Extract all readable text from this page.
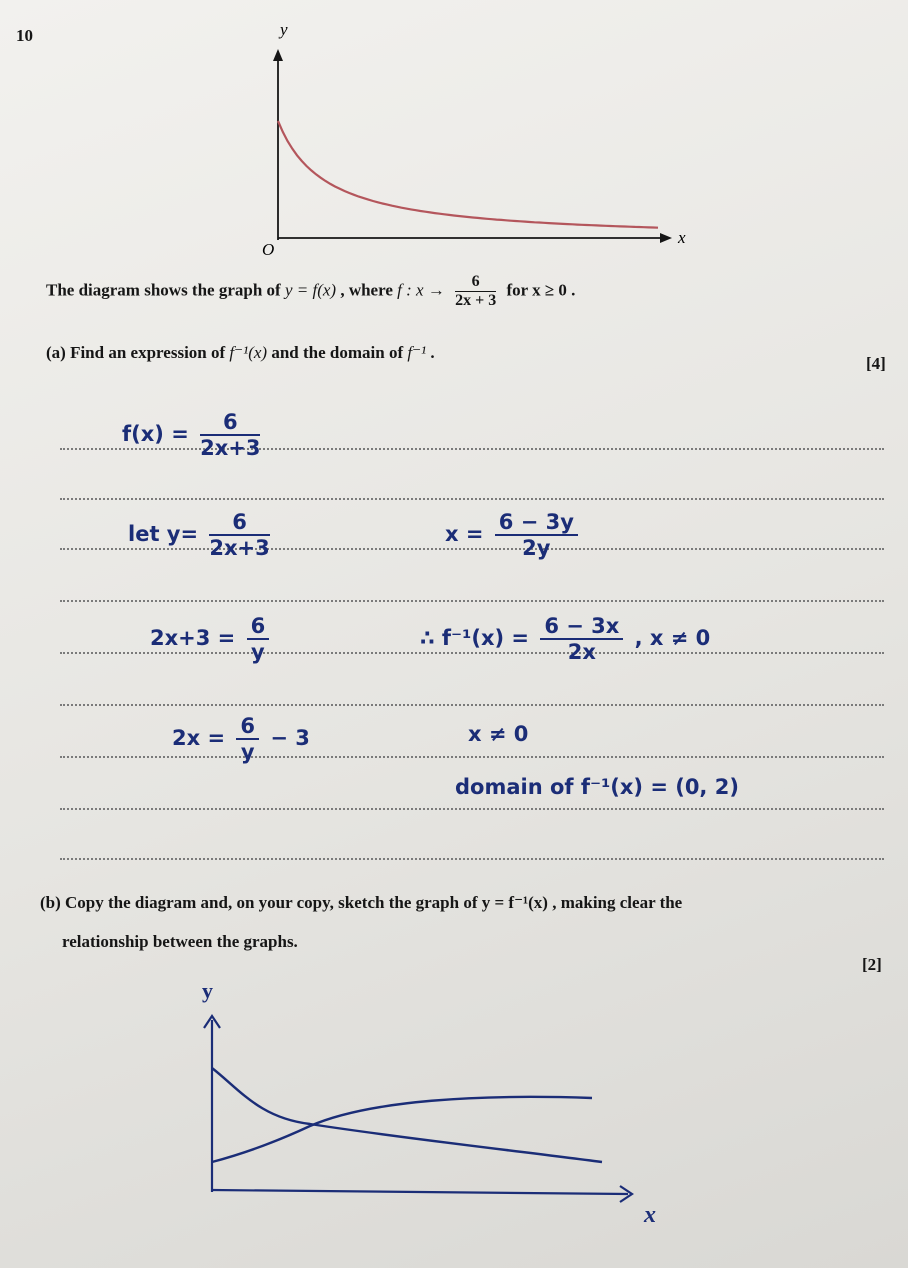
10	y
x
O
The diagram shows the graph of y = f(x) , where f : $x \to \frac{6}{2x + 3}$ for x ≥ 0 .
(a) Find an expression of f⁻¹(x) and the domain of f⁻¹ .
[4]
$f(x) = \frac{6}{2x+3}$
let $y= \frac{6}{2x+3}$	$x = \frac{6 - 3y}{2y}$
$2x+3 = \frac{6}{y}$	∴ $f^{-1}(x) = \frac{6 - 3x}{2x}$ , x ≠ 0
$2x = \frac{6}{y} - 3$	x ≠ 0
domain of f⁻¹(x) = (0, 2)
(b) Copy the diagram and, on your copy, sketch the graph of y = f⁻¹(x) , making clear the
relationship between the graphs.
[2]
y
x
